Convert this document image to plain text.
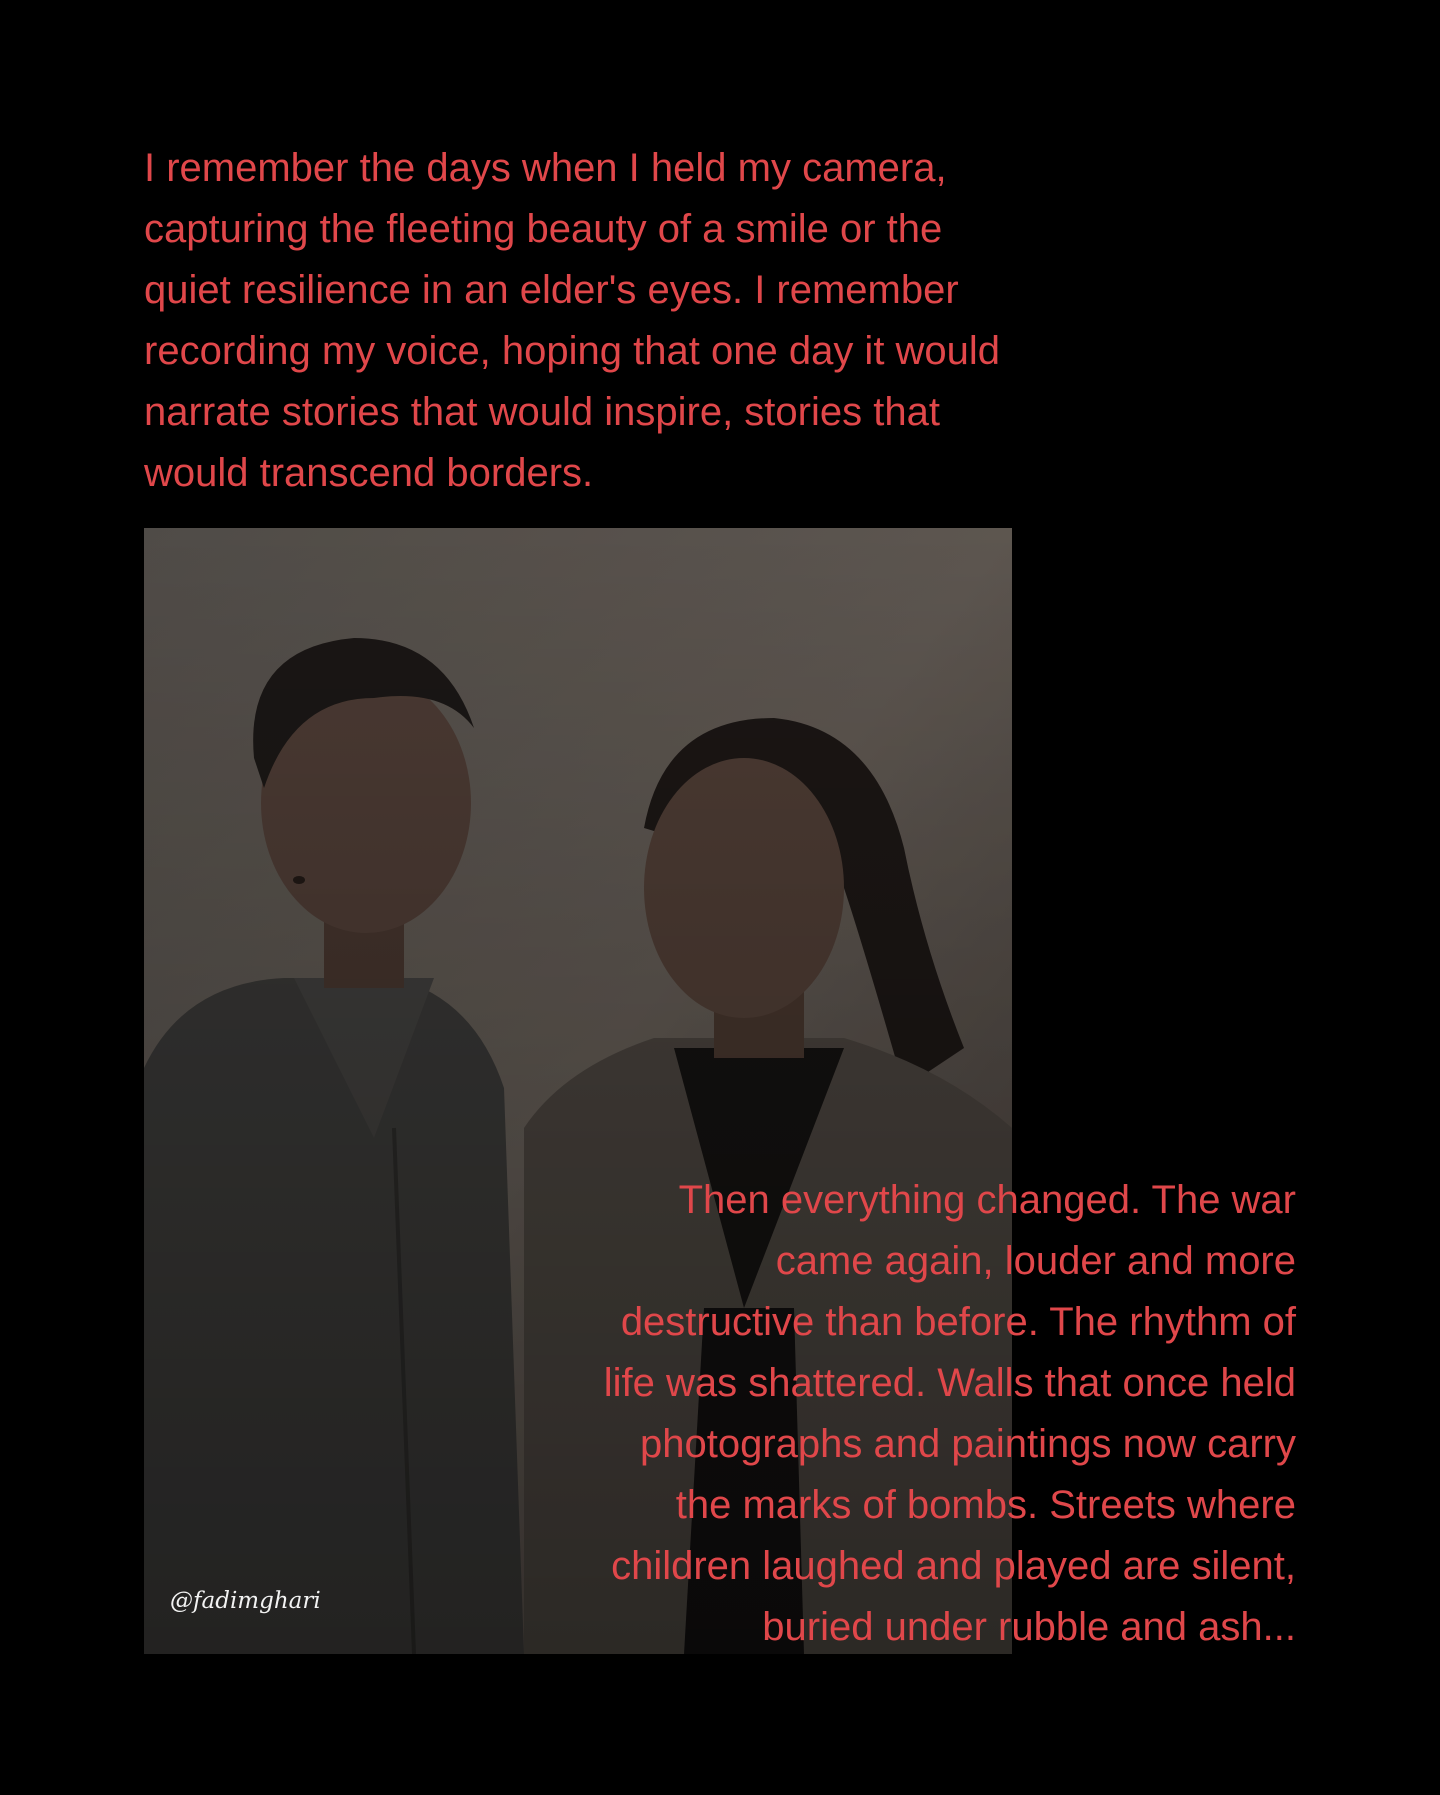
I remember the days when I held my camera,
capturing the fleeting beauty of a smile or the
quiet resilience in an elder's eyes. I remember
recording my voice, hoping that one day it would
narrate stories that would inspire, stories that
would transcend borders.

@fadimghari

Then everything changed. The war
came again, louder and more
destructive than before. The rhythm of
life was shattered. Walls that once held
photographs and paintings now carry
the marks of bombs. Streets where
children laughed and played are silent,
buried under rubble and ash...
